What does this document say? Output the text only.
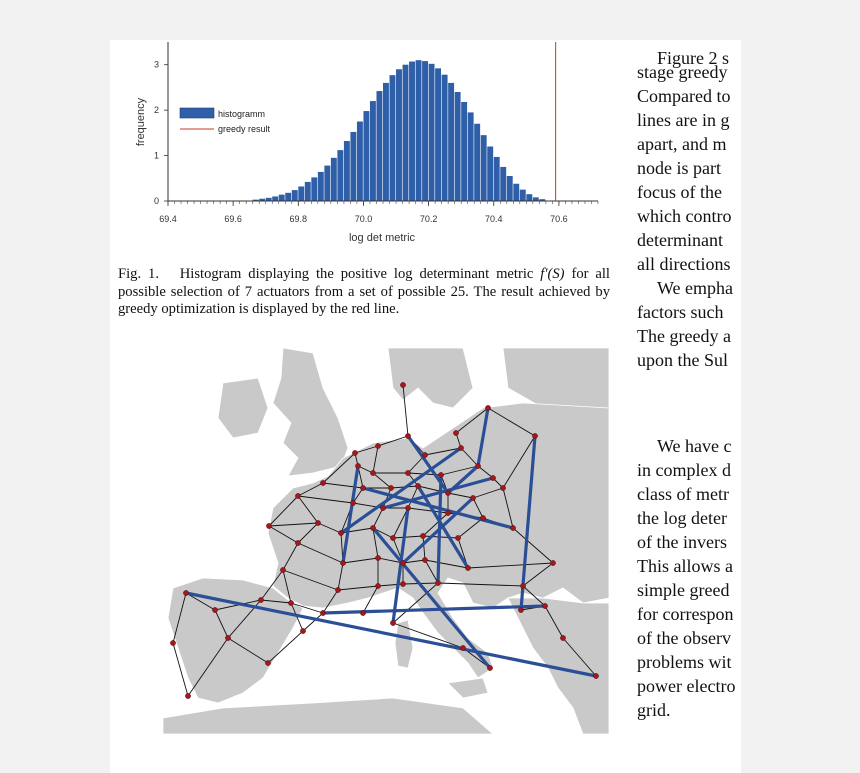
69.4	69.6	69.8	70.0	70.2	70.4	70.6
0
1
2
3
histogramm
greedy result
frequency
log det metric
Fig. 1. Histogram displaying the positive log determinant metric f′(S) for all possible selection of 7 actuators from a set of possible 25. The result achieved by greedy optimization is displayed by the red line.
Figure 2 s
stage greedy
Compared to
lines are in g
apart, and m
node is part
focus of the
which contro
determinant
all directions
We empha
factors such
The greedy a
upon the Sul
We have c
in complex d
class of metr
the log deter
of the invers
This allows a
simple greed
for correspon
of the observ
problems wit
power electro
grid.
